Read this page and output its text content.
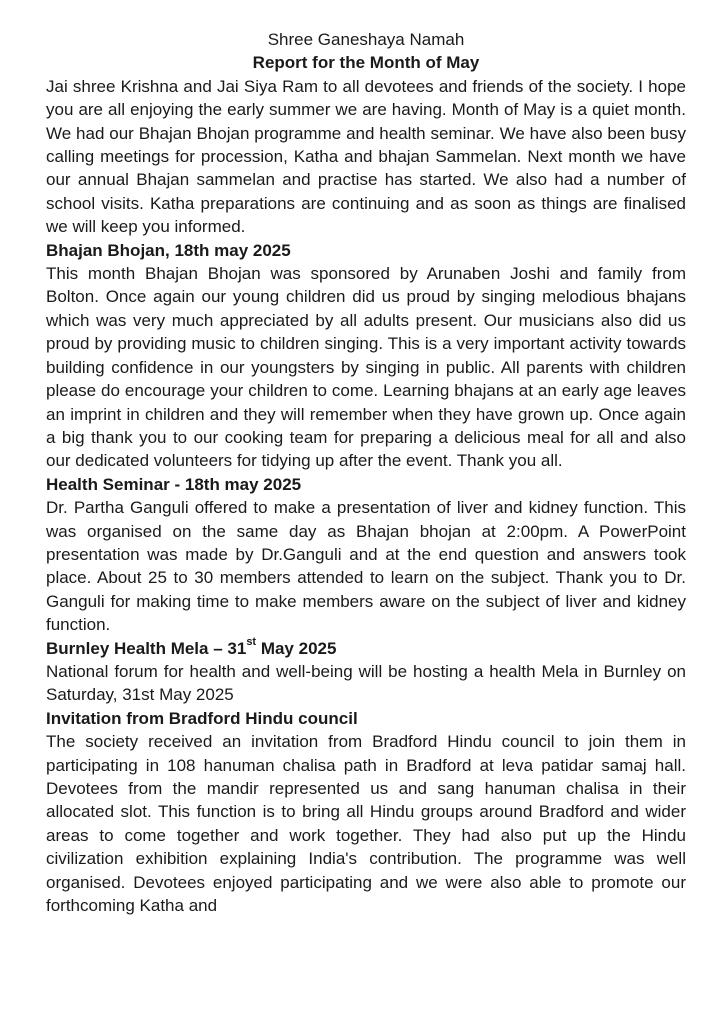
Shree Ganeshaya Namah
Report for the Month of May

Jai shree Krishna and Jai Siya Ram to all devotees and friends of the society. I hope you are all enjoying the early summer we are having. Month of May is a quiet month. We had our Bhajan Bhojan programme and health seminar. We have also been busy calling meetings for procession, Katha and bhajan Sammelan. Next month we have our annual Bhajan sammelan and practise has started. We also had a number of school visits. Katha preparations are continuing and as soon as things are finalised we will keep you informed.

Bhajan Bhojan, 18th may 2025

This month Bhajan Bhojan was sponsored by Arunaben Joshi and family from Bolton. Once again our young children did us proud by singing melodious bhajans which was very much appreciated by all adults present. Our musicians also did us proud by providing music to children singing. This is a very important activity towards building confidence in our youngsters by singing in public. All parents with children please do encourage your children to come. Learning bhajans at an early age leaves an imprint in children and they will remember when they have grown up. Once again a big thank you to our cooking team for preparing a delicious meal for all and also our dedicated volunteers for tidying up after the event. Thank you all.

Health Seminar - 18th may 2025

Dr. Partha Ganguli offered to make a presentation of liver and kidney function. This was organised on the same day as Bhajan bhojan at 2:00pm. A PowerPoint presentation was made by Dr.Ganguli and at the end question and answers took place. About 25 to 30 members attended to learn on the subject. Thank you to Dr. Ganguli for making time to make members aware on the subject of liver and kidney function.

Burnley Health Mela – 31st May 2025

National forum for health and well-being will be hosting a health Mela in Burnley on Saturday, 31st May 2025

Invitation from Bradford Hindu council

The society received an invitation from Bradford Hindu council to join them in participating in 108 hanuman chalisa path in Bradford at leva patidar samaj hall. Devotees from the mandir represented us and sang hanuman chalisa in their allocated slot. This function is to bring all Hindu groups around Bradford and wider areas to come together and work together. They had also put up the Hindu civilization exhibition explaining India's contribution. The programme was well organised. Devotees enjoyed participating and we were also able to promote our forthcoming Katha and
